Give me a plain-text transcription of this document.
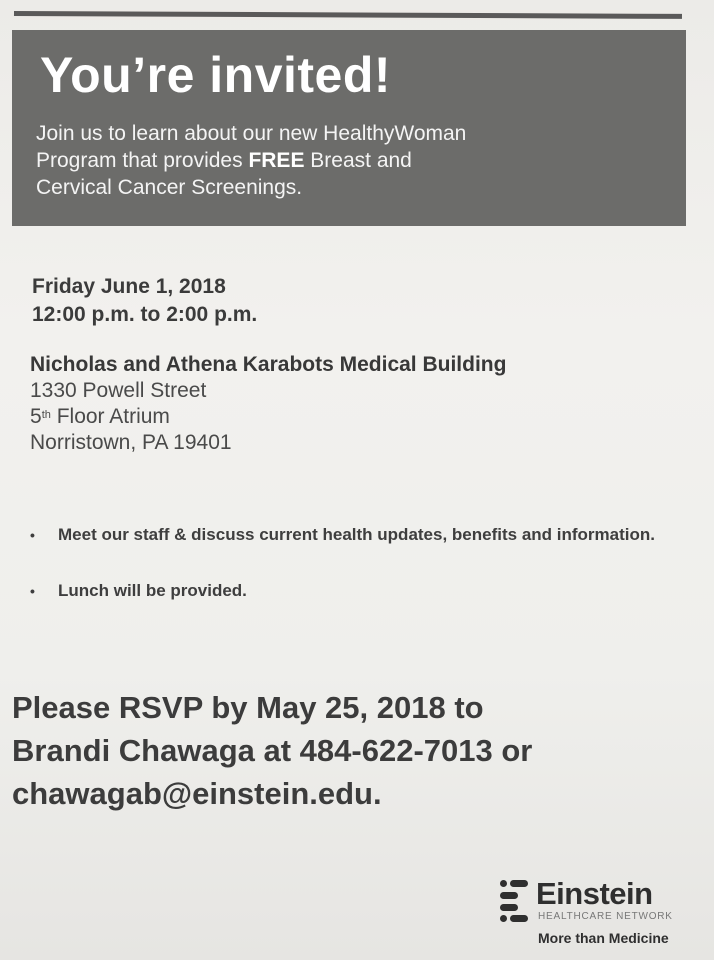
You’re invited!
Join us to learn about our new HealthyWoman
Program that provides FREE Breast and
Cervical Cancer Screenings.
Friday June 1, 2018
12:00 p.m. to 2:00 p.m.
Nicholas and Athena Karabots Medical Building
1330 Powell Street
5th Floor Atrium
Norristown, PA 19401
• Meet our staff & discuss current health updates, benefits and information.
• Lunch will be provided.
Please RSVP by May 25, 2018 to
Brandi Chawaga at 484-622-7013 or
chawagab@einstein.edu.
Einstein
HEALTHCARE NETWORK
More than Medicine
